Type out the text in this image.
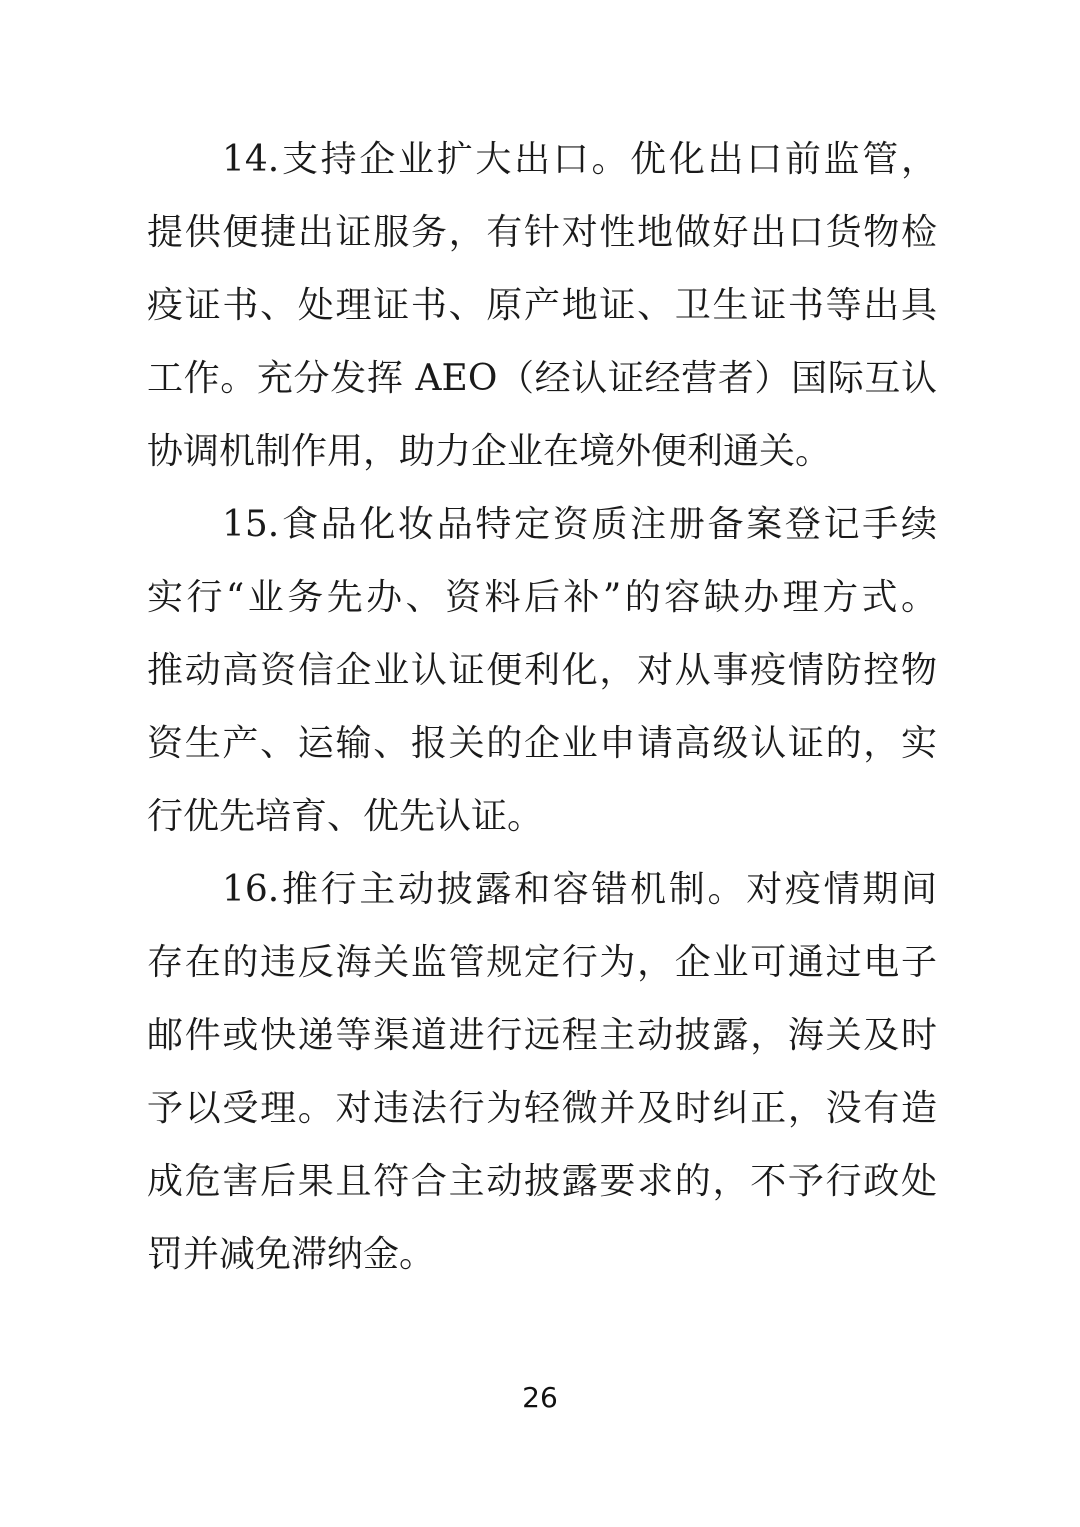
14.支持企业扩大出口。优化出口前监管，
提供便捷出证服务，有针对性地做好出口货物检
疫证书、处理证书、原产地证、卫生证书等出具
工作。充分发挥 AEO（经认证经营者）国际互认
协调机制作用，助力企业在境外便利通关。
15.食品化妆品特定资质注册备案登记手续
实行“业务先办、资料后补”的容缺办理方式。
推动高资信企业认证便利化，对从事疫情防控物
资生产、运输、报关的企业申请高级认证的，实
行优先培育、优先认证。
16.推行主动披露和容错机制。对疫情期间
存在的违反海关监管规定行为，企业可通过电子
邮件或快递等渠道进行远程主动披露，海关及时
予以受理。对违法行为轻微并及时纠正，没有造
成危害后果且符合主动披露要求的，不予行政处
罚并减免滞纳金。
26
